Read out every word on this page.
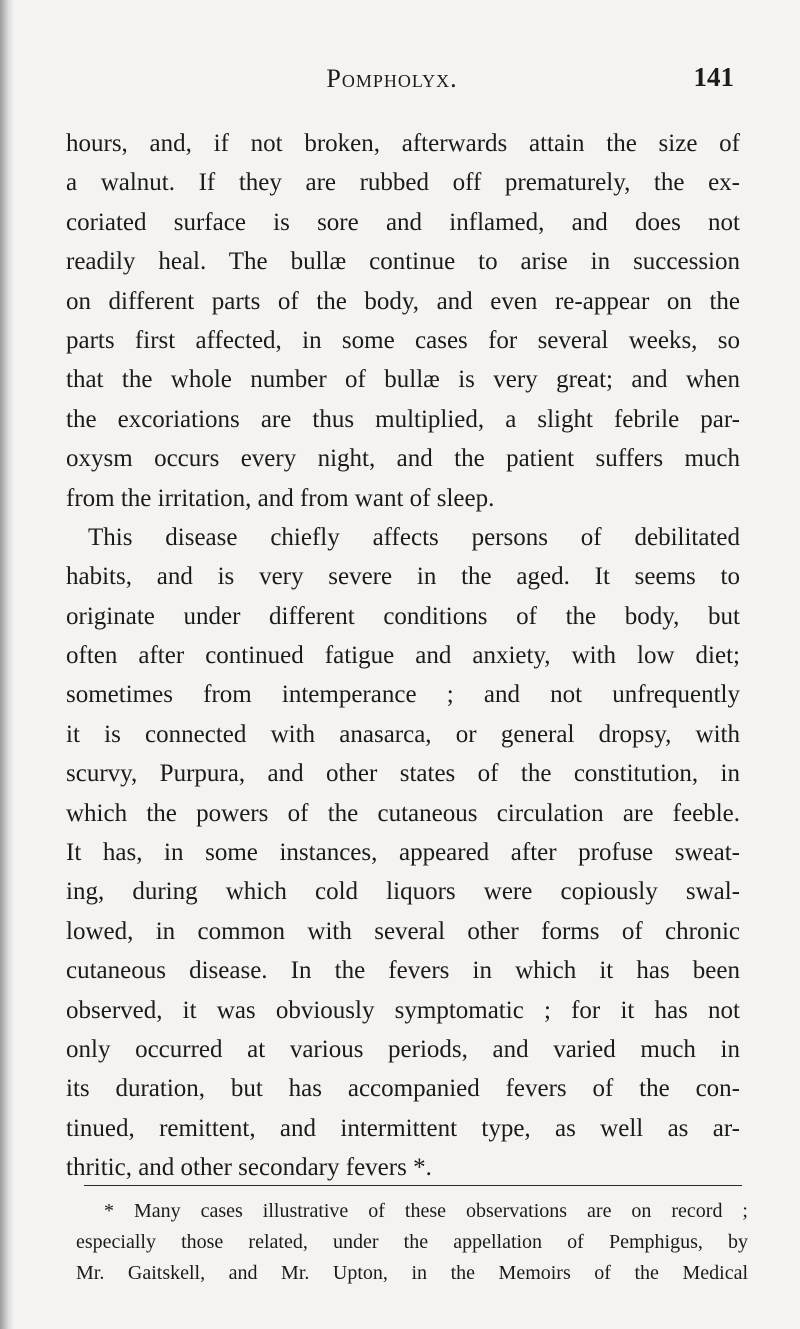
Pompholyx.	141
hours, and, if not broken, afterwards attain the size of
a walnut. If they are rubbed off prematurely, the ex-
coriated surface is sore and inflamed, and does not
readily heal. The bullæ continue to arise in succession
on different parts of the body, and even re-appear on the
parts first affected, in some cases for several weeks, so
that the whole number of bullæ is very great; and when
the excoriations are thus multiplied, a slight febrile par-
oxysm occurs every night, and the patient suffers much
from the irritation, and from want of sleep.
This disease chiefly affects persons of debilitated
habits, and is very severe in the aged. It seems to
originate under different conditions of the body, but
often after continued fatigue and anxiety, with low diet;
sometimes from intemperance ; and not unfrequently
it is connected with anasarca, or general dropsy, with
scurvy, Purpura, and other states of the constitution, in
which the powers of the cutaneous circulation are feeble.
It has, in some instances, appeared after profuse sweat-
ing, during which cold liquors were copiously swal-
lowed, in common with several other forms of chronic
cutaneous disease. In the fevers in which it has been
observed, it was obviously symptomatic ; for it has not
only occurred at various periods, and varied much in
its duration, but has accompanied fevers of the con-
tinued, remittent, and intermittent type, as well as ar-
thritic, and other secondary fevers *.
* Many cases illustrative of these observations are on record ;
especially those related, under the appellation of Pemphigus, by
Mr. Gaitskell, and Mr. Upton, in the Memoirs of the Medical
